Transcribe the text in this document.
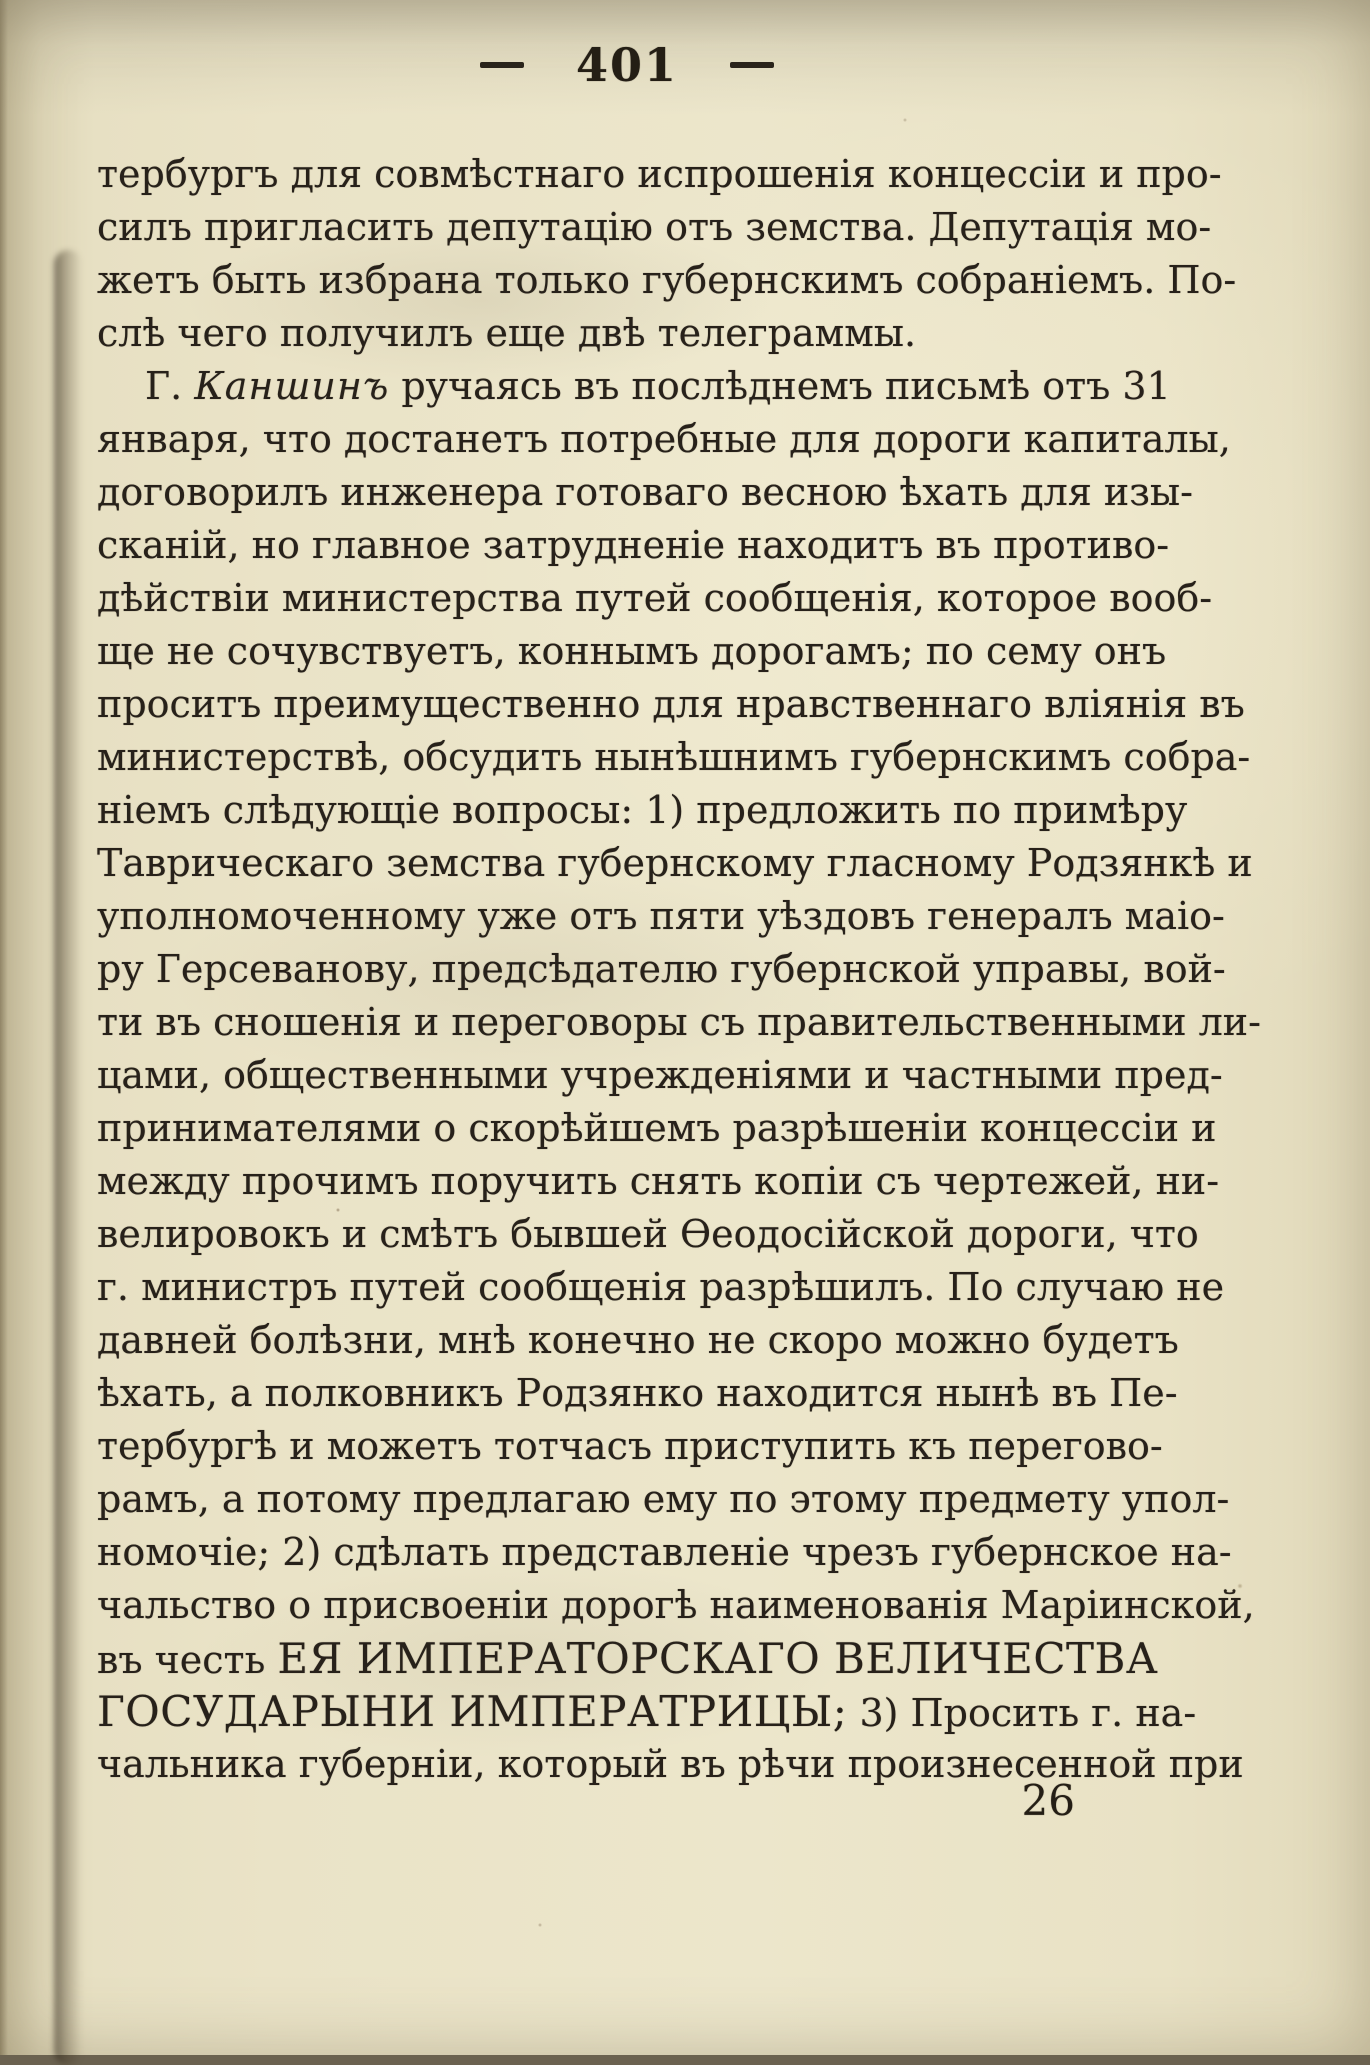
401
тербургъ для совмѣстнаго испрошенія концессіи и про-
силъ пригласить депутацію отъ земства. Депутація мо-
жетъ быть избрана только губернскимъ собраніемъ. По-
слѣ чего получилъ еще двѣ телеграммы.
Г. Каншинъ ручаясь въ послѣднемъ письмѣ отъ 31
января, что достанетъ потребные для дороги капиталы,
договорилъ инженера готоваго весною ѣхать для изы-
сканій, но главное затрудненіе находитъ въ противо-
дѣйствіи министерства путей сообщенія, которое вооб-
ще не сочувствуетъ, коннымъ дорогамъ; по сему онъ
проситъ преимущественно для нравственнаго вліянія въ
министерствѣ, обсудить нынѣшнимъ губернскимъ собра-
ніемъ слѣдующіе вопросы: 1) предложить по примѣру
Таврическаго земства губернскому гласному Родзянкѣ и
уполномоченному уже отъ пяти уѣздовъ генералъ маіо-
ру Герсеванову, предсѣдателю губернской управы, вой-
ти въ сношенія и переговоры съ правительственными ли-
цами, общественными учрежденіями и частными пред-
принимателями о скорѣйшемъ разрѣшеніи концессіи и
между прочимъ поручить снять копіи съ чертежей, ни-
велировокъ и смѣтъ бывшей Ѳеодосійской дороги, что
г. министръ путей сообщенія разрѣшилъ. По случаю не
давней болѣзни, мнѣ конечно не скоро можно будетъ
ѣхать, а полковникъ Родзянко находится нынѣ въ Пе-
тербургѣ и можетъ тотчасъ приступить къ перегово-
рамъ, а потому предлагаю ему по этому предмету упол-
номочіе; 2) сдѣлать представленіе чрезъ губернское на-
чальство о присвоеніи дорогѣ наименованія Маріинской,
въ честь ЕЯ ИМПЕРАТОРСКАГО ВЕЛИЧЕСТВА
ГОСУДАРЫНИ ИМПЕРАТРИЦЫ; 3) Просить г. на-
чальника губерніи, который въ рѣчи произнесенной при
26
